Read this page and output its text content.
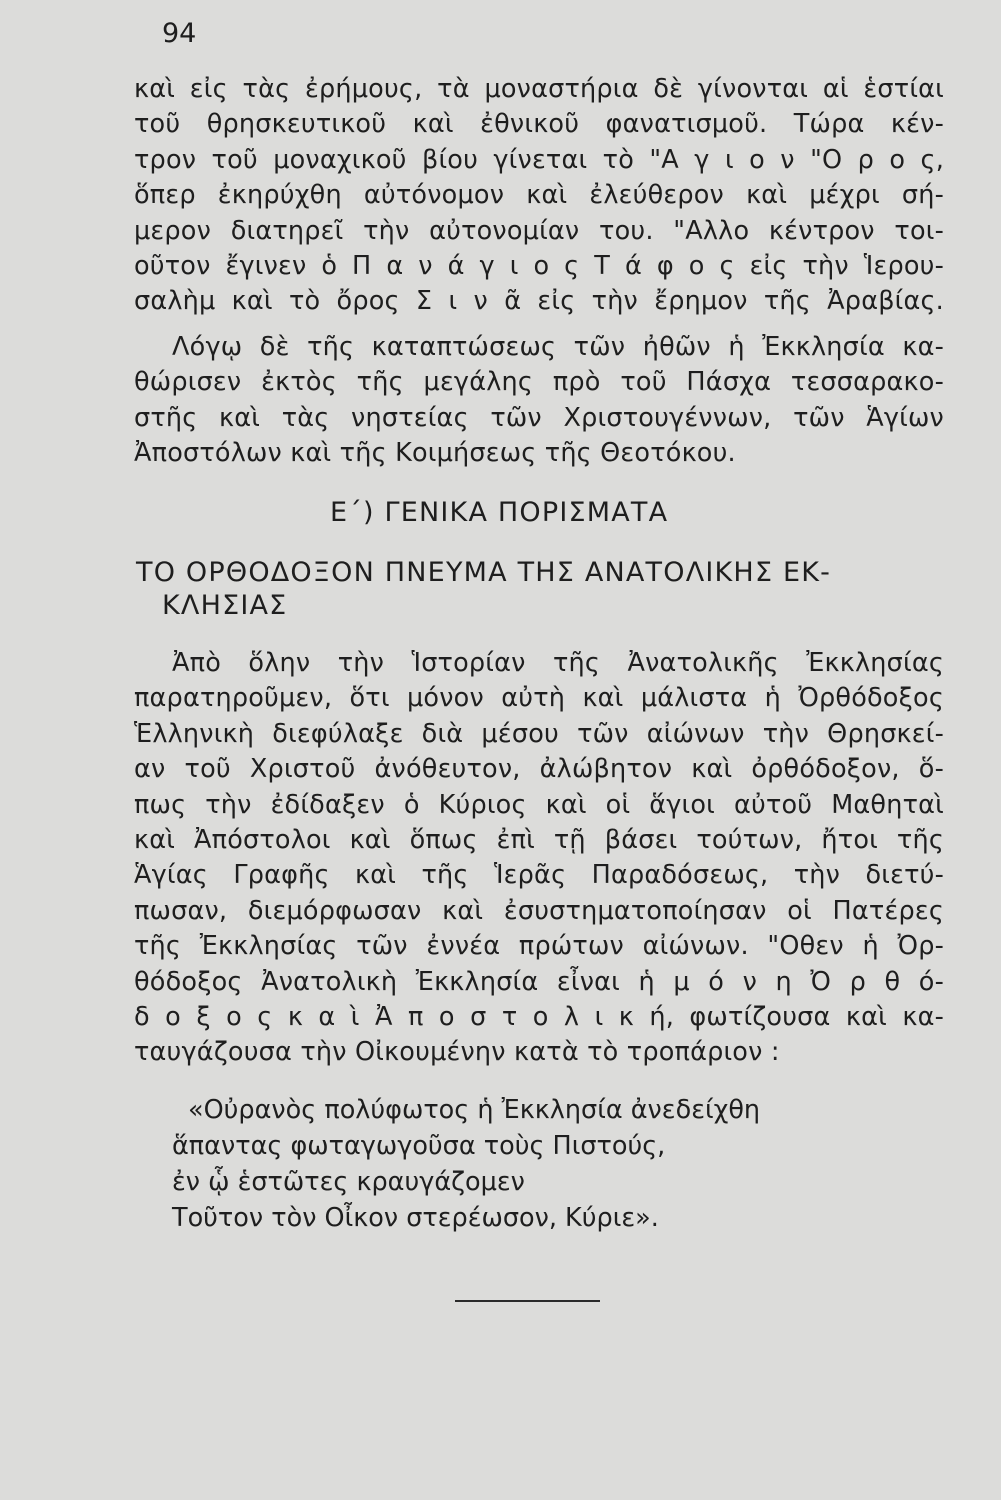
94
καὶ εἰς τὰς ἐρήμους, τὰ μοναστήρια δὲ γίνονται αἱ ἑστίαι
τοῦ θρησκευτικοῦ καὶ ἐθνικοῦ φανατισμοῦ. Τώρα κέν-
τρον τοῦ μοναχικοῦ βίου γίνεται τὸ "Α γ ι ο ν "Ο ρ ο ς,
ὅπερ ἐκηρύχθη αὐτόνομον καὶ ἐλεύθερον καὶ μέχρι σή-
μερον διατηρεῖ τὴν αὐτονομίαν του. "Αλλο κέντρον τοι-
οῦτον ἔγινεν ὁ Π α ν ά γ ι ο ς Τ ά φ ο ς εἰς τὴν Ἱερου-
σαλὴμ καὶ τὸ ὄρος Σ ι ν ᾶ εἰς τὴν ἔρημον τῆς Ἀραβίας.
Λόγῳ δὲ τῆς καταπτώσεως τῶν ἠθῶν ἡ Ἐκκλησία κα-
θώρισεν ἐκτὸς τῆς μεγάλης πρὸ τοῦ Πάσχα τεσσαρακο-
στῆς καὶ τὰς νηστείας τῶν Χριστουγέννων, τῶν Ἁγίων
Ἀποστόλων καὶ τῆς Κοιμήσεως τῆς Θεοτόκου.
Ε΄) ΓΕΝΙΚΑ ΠΟΡΙΣΜΑΤΑ
ΤΟ ΟΡΘΟΔΟΞΟΝ ΠΝΕΥΜΑ ΤΗΣ ΑΝΑΤΟΛΙΚΗΣ ΕΚ-
ΚΛΗΣΙΑΣ
Ἀπὸ ὅλην τὴν Ἱστορίαν τῆς Ἀνατολικῆς Ἐκκλησίας
παρατηροῦμεν, ὅτι μόνον αὐτὴ καὶ μάλιστα ἡ Ὀρθόδοξος
Ἑλληνικὴ διεφύλαξε διὰ μέσου τῶν αἰώνων τὴν Θρησκεί-
αν τοῦ Χριστοῦ ἀνόθευτον, ἀλώβητον καὶ ὀρθόδοξον, ὅ-
πως τὴν ἐδίδαξεν ὁ Κύριος καὶ οἱ ἅγιοι αὐτοῦ Μαθηταὶ
καὶ Ἀπόστολοι καὶ ὅπως ἐπὶ τῇ βάσει τούτων, ἤτοι τῆς
Ἁγίας Γραφῆς καὶ τῆς Ἱερᾶς Παραδόσεως, τὴν διετύ-
πωσαν, διεμόρφωσαν καὶ ἐσυστηματοποίησαν οἱ Πατέρες
τῆς Ἐκκλησίας τῶν ἐννέα πρώτων αἰώνων. "Οθεν ἡ Ὀρ-
θόδοξος Ἀνατολικὴ Ἐκκλησία εἶναι ἡ μ ό ν η Ὀ ρ θ ό-
δ ο ξ ο ς κ α ὶ Ἀ π ο σ τ ο λ ι κ ή, φωτίζουσα καὶ κα-
ταυγάζουσα τὴν Οἰκουμένην κατὰ τὸ τροπάριον :
«Οὐρανὸς πολύφωτος ἡ Ἐκκλησία ἀνεδείχθη
ἅπαντας φωταγωγοῦσα τοὺς Πιστούς,
ἐν ᾧ ἑστῶτες κραυγάζομεν
Τοῦτον τὸν Οἶκον στερέωσον, Κύριε».
